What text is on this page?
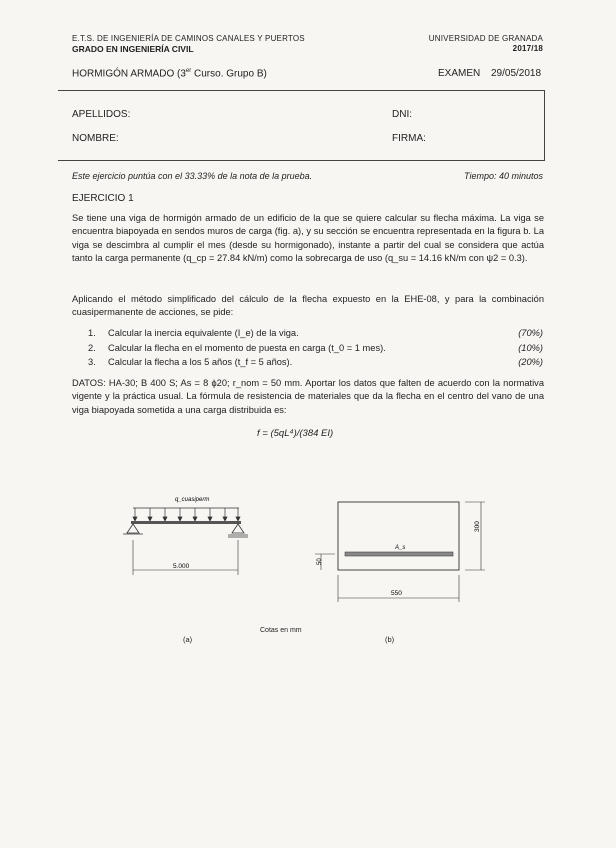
E.T.S. DE INGENIERÍA DE CAMINOS CANALES Y PUERTOS
GRADO EN INGENIERÍA CIVIL
UNIVERSIDAD DE GRANADA
2017/18
HORMIGÓN ARMADO (3er Curso. Grupo B)	EXAMEN 29/05/2018
APELLIDOS:	DNI:
NOMBRE:	FIRMA:
Este ejercicio puntúa con el 33.33% de la nota de la prueba.	Tiempo: 40 minutos
EJERCICIO 1
Se tiene una viga de hormigón armado de un edificio de la que se quiere calcular su flecha máxima. La viga se encuentra biapoyada en sendos muros de carga (fig. a), y su sección se encuentra representada en la figura b. La viga se descimbra al cumplir el mes (desde su hormigonado), instante a partir del cual se considera que actúa tanto la carga permanente (q_cp = 27.84 kN/m) como la sobrecarga de uso (q_su = 14.16 kN/m con ψ2 = 0.3).
Aplicando el método simplificado del cálculo de la flecha expuesto en la EHE-08, y para la combinación cuasipermanente de acciones, se pide:
1. Calcular la inercia equivalente (I_e) de la viga.	(70%)
2. Calcular la flecha en el momento de puesta en carga (t_0 = 1 mes).	(10%)
3. Calcular la flecha a los 5 años (t_f = 5 años).	(20%)
DATOS: HA-30; B 400 S; As = 8 ϕ20; r_nom = 50 mm. Aportar los datos que falten de acuerdo con la normativa vigente y la práctica usual. La fórmula de resistencia de materiales que da la flecha en el centro del vano de una viga biapoyada sometida a una carga distribuida es:
f = (5qL⁴)/(384 EI)
q_cuasiperm
5.000
A_s
300
50
550
Cotas en mm
(a)	(b)
